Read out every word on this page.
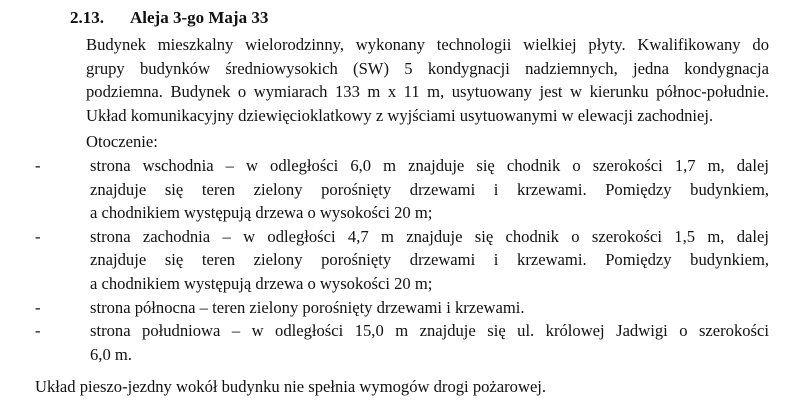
2.13. Aleja 3-go Maja 33
Budynek mieszkalny wielorodzinny, wykonany technologii wielkiej płyty. Kwalifikowany do
grupy budynków średniowysokich (SW) 5 kondygnacji nadziemnych, jedna kondygnacja
podziemna. Budynek o wymiarach 133 m x 11 m, usytuowany jest w kierunku północ-południe.
Układ komunikacyjny dziewięcioklatkowy z wyjściami usytuowanymi w elewacji zachodniej.
Otoczenie:
-	strona wschodnia – w odległości 6,0 m znajduje się chodnik o szerokości 1,7 m, dalej
znajduje się teren zielony porośnięty drzewami i krzewami. Pomiędzy budynkiem,
a chodnikiem występują drzewa o wysokości 20 m;
-	strona zachodnia – w odległości 4,7 m znajduje się chodnik o szerokości 1,5 m, dalej
znajduje się teren zielony porośnięty drzewami i krzewami. Pomiędzy budynkiem,
a chodnikiem występują drzewa o wysokości 20 m;
-	strona północna – teren zielony porośnięty drzewami i krzewami.
-	strona południowa – w odległości 15,0 m znajduje się ul. królowej Jadwigi o szerokości
6,0 m.
Układ pieszo-jezdny wokół budynku nie spełnia wymogów drogi pożarowej.
